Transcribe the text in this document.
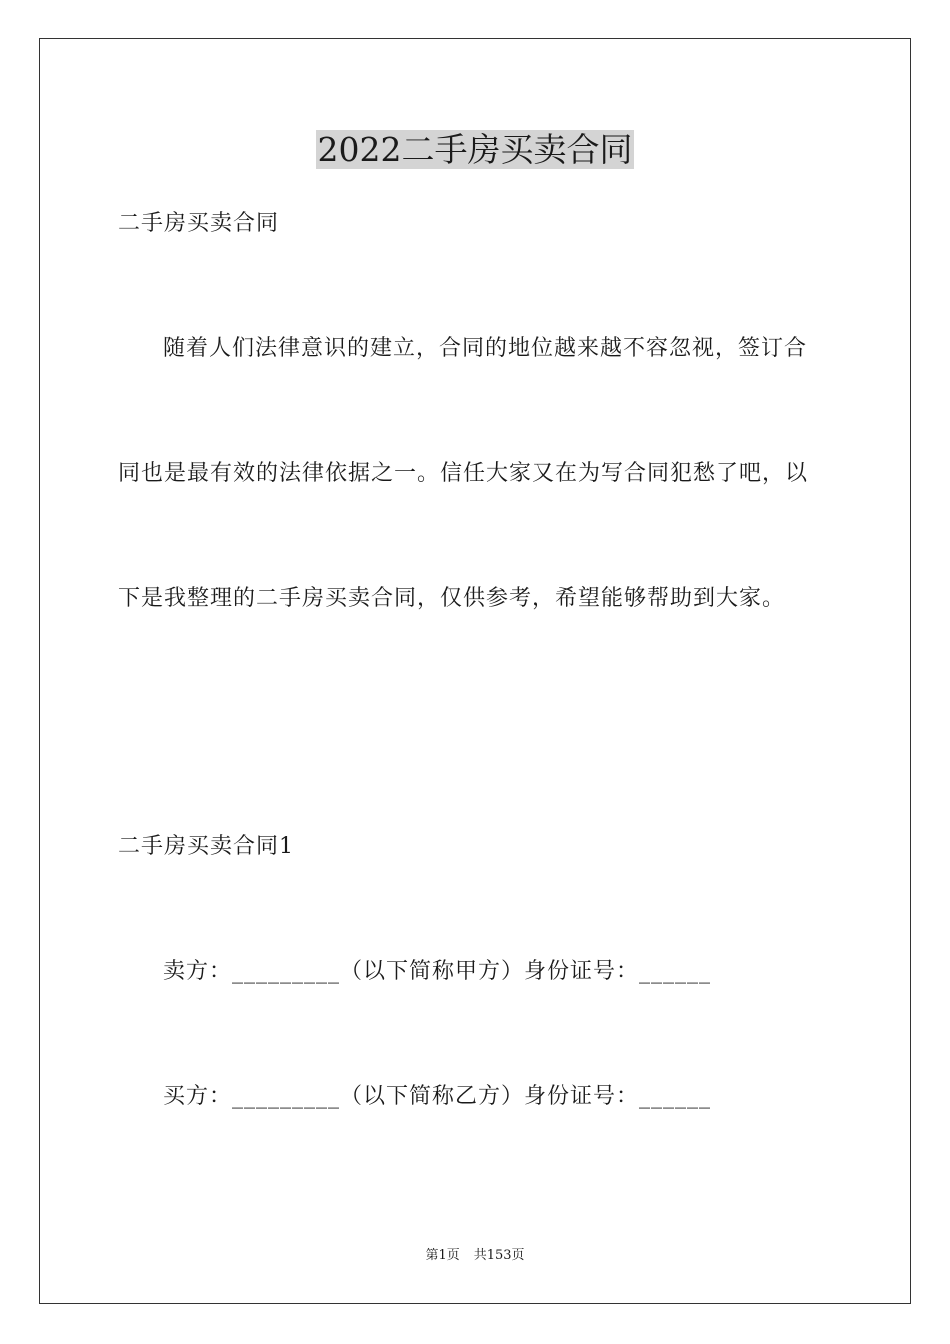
2022二手房买卖合同
二手房买卖合同
随着人们法律意识的建立，合同的地位越来越不容忽视，签订合
同也是最有效的法律依据之一。信任大家又在为写合同犯愁了吧，以
下是我整理的二手房买卖合同，仅供参考，希望能够帮助到大家。
二手房买卖合同1
卖方：_________（以下简称甲方）身份证号：______
买方：_________（以下简称乙方）身份证号：______
第1页 共153页
